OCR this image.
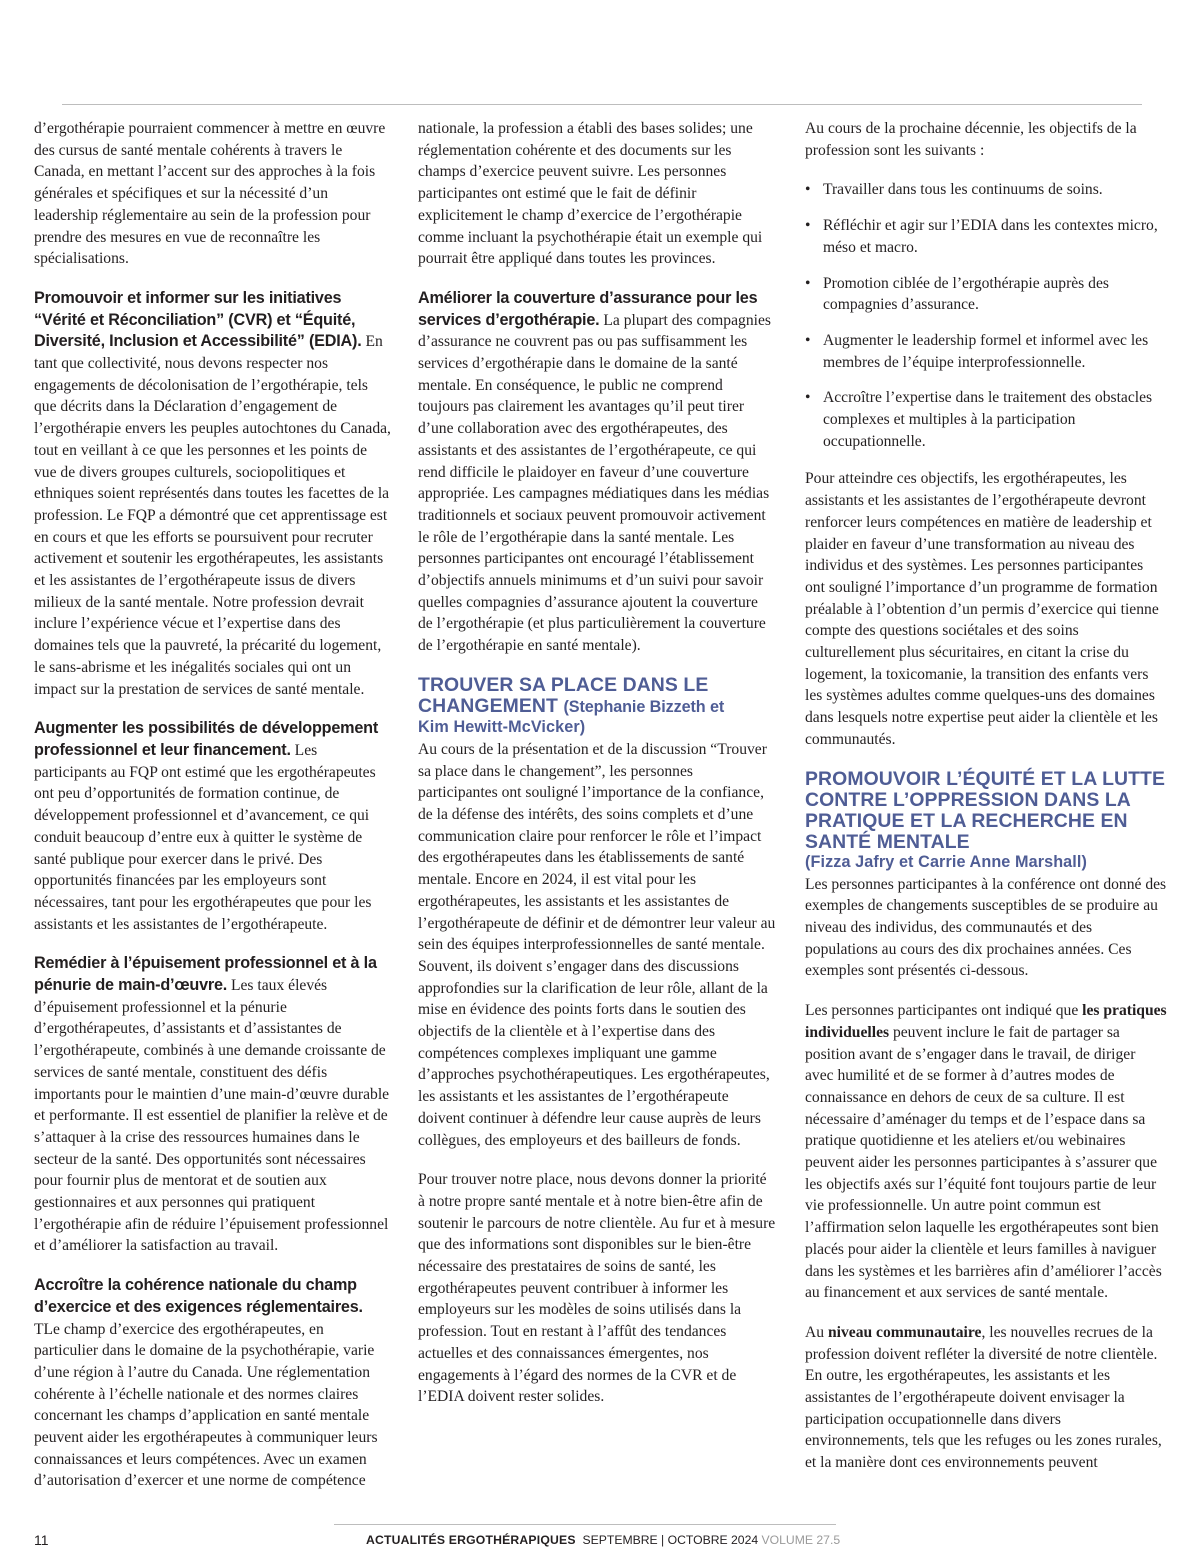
d’ergothérapie pourraient commencer à mettre en œuvre des cursus de santé mentale cohérents à travers le Canada, en mettant l’accent sur des approches à la fois générales et spécifiques et sur la nécessité d’un leadership réglementaire au sein de la profession pour prendre des mesures en vue de reconnaître les spécialisations.

Promouvoir et informer sur les initiatives “Vérité et Réconciliation” (CVR) et “Équité, Diversité, Inclusion et Accessibilité” (EDIA). En tant que collectivité, nous devons respecter nos engagements de décolonisation de l’ergothérapie, tels que décrits dans la Déclaration d’engagement de l’ergothérapie envers les peuples autochtones du Canada, tout en veillant à ce que les personnes et les points de vue de divers groupes culturels, sociopolitiques et ethniques soient représentés dans toutes les facettes de la profession. Le FQP a démontré que cet apprentissage est en cours et que les efforts se poursuivent pour recruter activement et soutenir les ergothérapeutes, les assistants et les assistantes de l’ergothérapeute issus de divers milieux de la santé mentale. Notre profession devrait inclure l’expérience vécue et l’expertise dans des domaines tels que la pauvreté, la précarité du logement, le sans-abrisme et les inégalités sociales qui ont un impact sur la prestation de services de santé mentale.

Augmenter les possibilités de développement professionnel et leur financement. Les participants au FQP ont estimé que les ergothérapeutes ont peu d’opportunités de formation continue, de développement professionnel et d’avancement, ce qui conduit beaucoup d’entre eux à quitter le système de santé publique pour exercer dans le privé. Des opportunités financées par les employeurs sont nécessaires, tant pour les ergothérapeutes que pour les assistants et les assistantes de l’ergothérapeute.

Remédier à l’épuisement professionnel et à la pénurie de main-d’œuvre. Les taux élevés d’épuisement professionnel et la pénurie d’ergothérapeutes, d’assistants et d’assistantes de l’ergothérapeute, combinés à une demande croissante de services de santé mentale, constituent des défis importants pour le maintien d’une main-d’œuvre durable et performante. Il est essentiel de planifier la relève et de s’attaquer à la crise des ressources humaines dans le secteur de la santé. Des opportunités sont nécessaires pour fournir plus de mentorat et de soutien aux gestionnaires et aux personnes qui pratiquent l’ergothérapie afin de réduire l’épuisement professionnel et d’améliorer la satisfaction au travail.

Accroître la cohérence nationale du champ d’exercice et des exigences réglementaires. TLe champ d’exercice des ergothérapeutes, en particulier dans le domaine de la psychothérapie, varie d’une région à l’autre du Canada. Une réglementation cohérente à l’échelle nationale et des normes claires concernant les champs d’application en santé mentale peuvent aider les ergothérapeutes à communiquer leurs connaissances et leurs compétences. Avec un examen d’autorisation d’exercer et une norme de compétence

nationale, la profession a établi des bases solides; une réglementation cohérente et des documents sur les champs d’exercice peuvent suivre. Les personnes participantes ont estimé que le fait de définir explicitement le champ d’exercice de l’ergothérapie comme incluant la psychothérapie était un exemple qui pourrait être appliqué dans toutes les provinces.

Améliorer la couverture d’assurance pour les services d’ergothérapie. La plupart des compagnies d’assurance ne couvrent pas ou pas suffisamment les services d’ergothérapie dans le domaine de la santé mentale. En conséquence, le public ne comprend toujours pas clairement les avantages qu’il peut tirer d’une collaboration avec des ergothérapeutes, des assistants et des assistantes de l’ergothérapeute, ce qui rend difficile le plaidoyer en faveur d’une couverture appropriée. Les campagnes médiatiques dans les médias traditionnels et sociaux peuvent promouvoir activement le rôle de l’ergothérapie dans la santé mentale. Les personnes participantes ont encouragé l’établissement d’objectifs annuels minimums et d’un suivi pour savoir quelles compagnies d’assurance ajoutent la couverture de l’ergothérapie (et plus particulièrement la couverture de l’ergothérapie en santé mentale).

TROUVER SA PLACE DANS LE CHANGEMENT (Stephanie Bizzeth et
Kim Hewitt-McVicker)

Au cours de la présentation et de la discussion “Trouver sa place dans le changement”, les personnes participantes ont souligné l’importance de la confiance, de la défense des intérêts, des soins complets et d’une communication claire pour renforcer le rôle et l’impact des ergothérapeutes dans les établissements de santé mentale. Encore en 2024, il est vital pour les ergothérapeutes, les assistants et les assistantes de l’ergothérapeute de définir et de démontrer leur valeur au sein des équipes interprofessionnelles de santé mentale. Souvent, ils doivent s’engager dans des discussions approfondies sur la clarification de leur rôle, allant de la mise en évidence des points forts dans le soutien des objectifs de la clientèle et à l’expertise dans des compétences complexes impliquant une gamme d’approches psychothérapeutiques. Les ergothérapeutes, les assistants et les assistantes de l’ergothérapeute doivent continuer à défendre leur cause auprès de leurs collègues, des employeurs et des bailleurs de fonds.

Pour trouver notre place, nous devons donner la priorité à notre propre santé mentale et à notre bien-être afin de soutenir le parcours de notre clientèle. Au fur et à mesure que des informations sont disponibles sur le bien-être nécessaire des prestataires de soins de santé, les ergothérapeutes peuvent contribuer à informer les employeurs sur les modèles de soins utilisés dans la profession. Tout en restant à l’affût des tendances actuelles et des connaissances émergentes, nos engagements à l’égard des normes de la CVR et de l’EDIA doivent rester solides.

Au cours de la prochaine décennie, les objectifs de la profession sont les suivants :

• Travailler dans tous les continuums de soins.
• Réfléchir et agir sur l’EDIA dans les contextes micro, méso et macro.
• Promotion ciblée de l’ergothérapie auprès des compagnies d’assurance.
• Augmenter le leadership formel et informel avec les membres de l’équipe interprofessionnelle.
• Accroître l’expertise dans le traitement des obstacles complexes et multiples à la participation occupationnelle.

Pour atteindre ces objectifs, les ergothérapeutes, les assistants et les assistantes de l’ergothérapeute devront renforcer leurs compétences en matière de leadership et plaider en faveur d’une transformation au niveau des individus et des systèmes. Les personnes participantes ont souligné l’importance d’un programme de formation préalable à l’obtention d’un permis d’exercice qui tienne compte des questions sociétales et des soins culturellement plus sécuritaires, en citant la crise du logement, la toxicomanie, la transition des enfants vers les systèmes adultes comme quelques-uns des domaines dans lesquels notre expertise peut aider la clientèle et les communautés.

PROMOUVOIR L’ÉQUITÉ ET LA LUTTE CONTRE L’OPPRESSION DANS LA PRATIQUE ET LA RECHERCHE EN SANTÉ MENTALE
(Fizza Jafry et Carrie Anne Marshall)

Les personnes participantes à la conférence ont donné des exemples de changements susceptibles de se produire au niveau des individus, des communautés et des populations au cours des dix prochaines années. Ces exemples sont présentés ci-dessous.

Les personnes participantes ont indiqué que les pratiques individuelles peuvent inclure le fait de partager sa position avant de s’engager dans le travail, de diriger avec humilité et de se former à d’autres modes de connaissance en dehors de ceux de sa culture. Il est nécessaire d’aménager du temps et de l’espace dans sa pratique quotidienne et les ateliers et/ou webinaires peuvent aider les personnes participantes à s’assurer que les objectifs axés sur l’équité font toujours partie de leur vie professionnelle. Un autre point commun est l’affirmation selon laquelle les ergothérapeutes sont bien placés pour aider la clientèle et leurs familles à naviguer dans les systèmes et les barrières afin d’améliorer l’accès au financement et aux services de santé mentale.

Au niveau communautaire, les nouvelles recrues de la profession doivent refléter la diversité de notre clientèle. En outre, les ergothérapeutes, les assistants et les assistantes de l’ergothérapeute doivent envisager la participation occupationnelle dans divers environnements, tels que les refuges ou les zones rurales, et la manière dont ces environnements peuvent

11	ACTUALITÉS ERGOTHÉRAPIQUES SEPTEMBRE | OCTOBRE 2024 VOLUME 27.5
